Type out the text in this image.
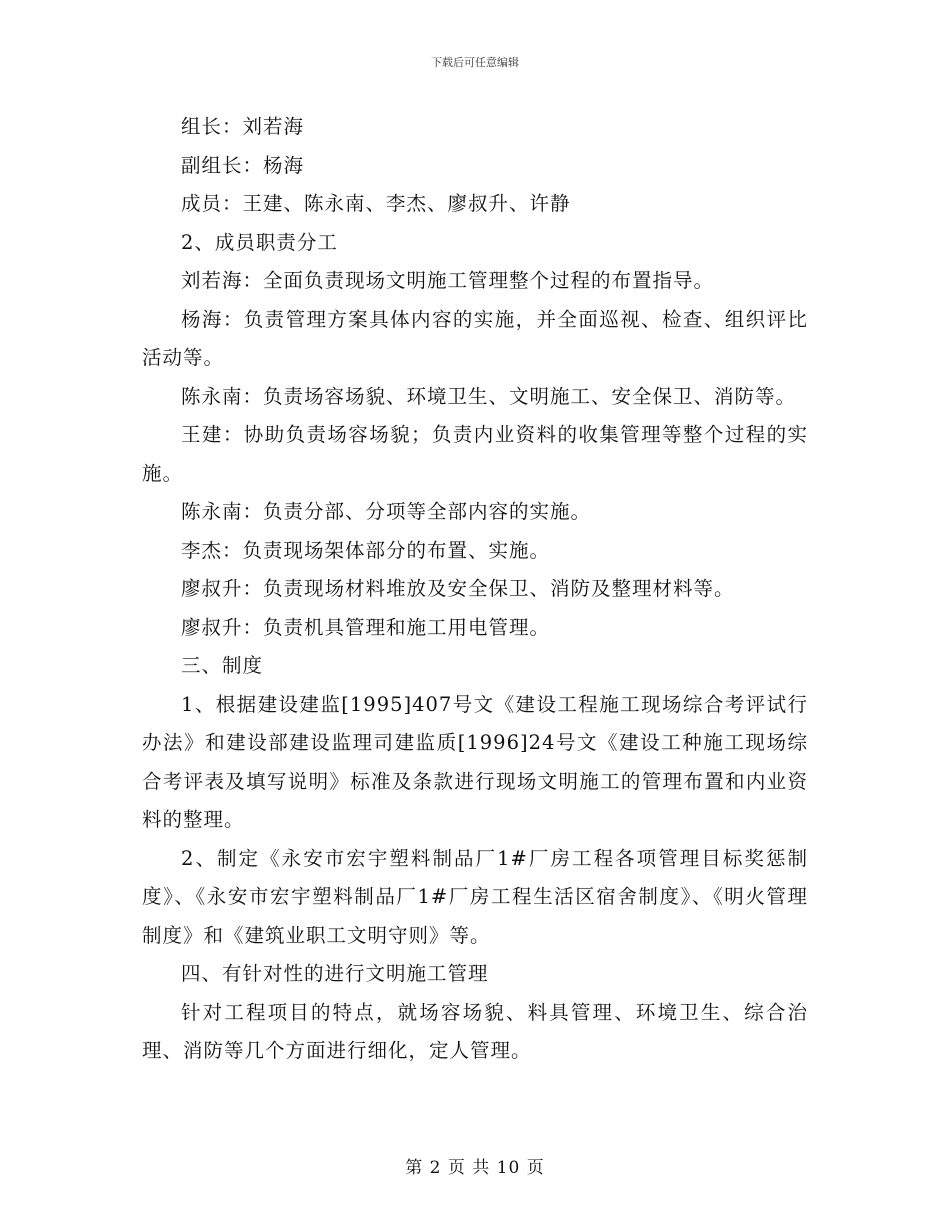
下载后可任意编辑

组长：刘若海

副组长：杨海

成员：王建、陈永南、李杰、廖叔升、许静

2、成员职责分工

刘若海：全面负责现场文明施工管理整个过程的布置指导。

杨海：负责管理方案具体内容的实施，并全面巡视、检查、组织评比活动等。

陈永南：负责场容场貌、环境卫生、文明施工、安全保卫、消防等。

王建：协助负责场容场貌；负责内业资料的收集管理等整个过程的实施。

陈永南：负责分部、分项等全部内容的实施。

李杰：负责现场架体部分的布置、实施。

廖叔升：负责现场材料堆放及安全保卫、消防及整理材料等。

廖叔升：负责机具管理和施工用电管理。

三、制度

1、根据建设建监[1995]407号文《建设工程施工现场综合考评试行办法》和建设部建设监理司建监质[1996]24号文《建设工种施工现场综合考评表及填写说明》标准及条款进行现场文明施工的管理布置和内业资料的整理。

2、制定《永安市宏宇塑料制品厂1#厂房工程各项管理目标奖惩制度》、《永安市宏宇塑料制品厂1#厂房工程生活区宿舍制度》、《明火管理制度》和《建筑业职工文明守则》等。

四、有针对性的进行文明施工管理

针对工程项目的特点，就场容场貌、料具管理、环境卫生、综合治理、消防等几个方面进行细化，定人管理。

第 2 页 共 10 页
